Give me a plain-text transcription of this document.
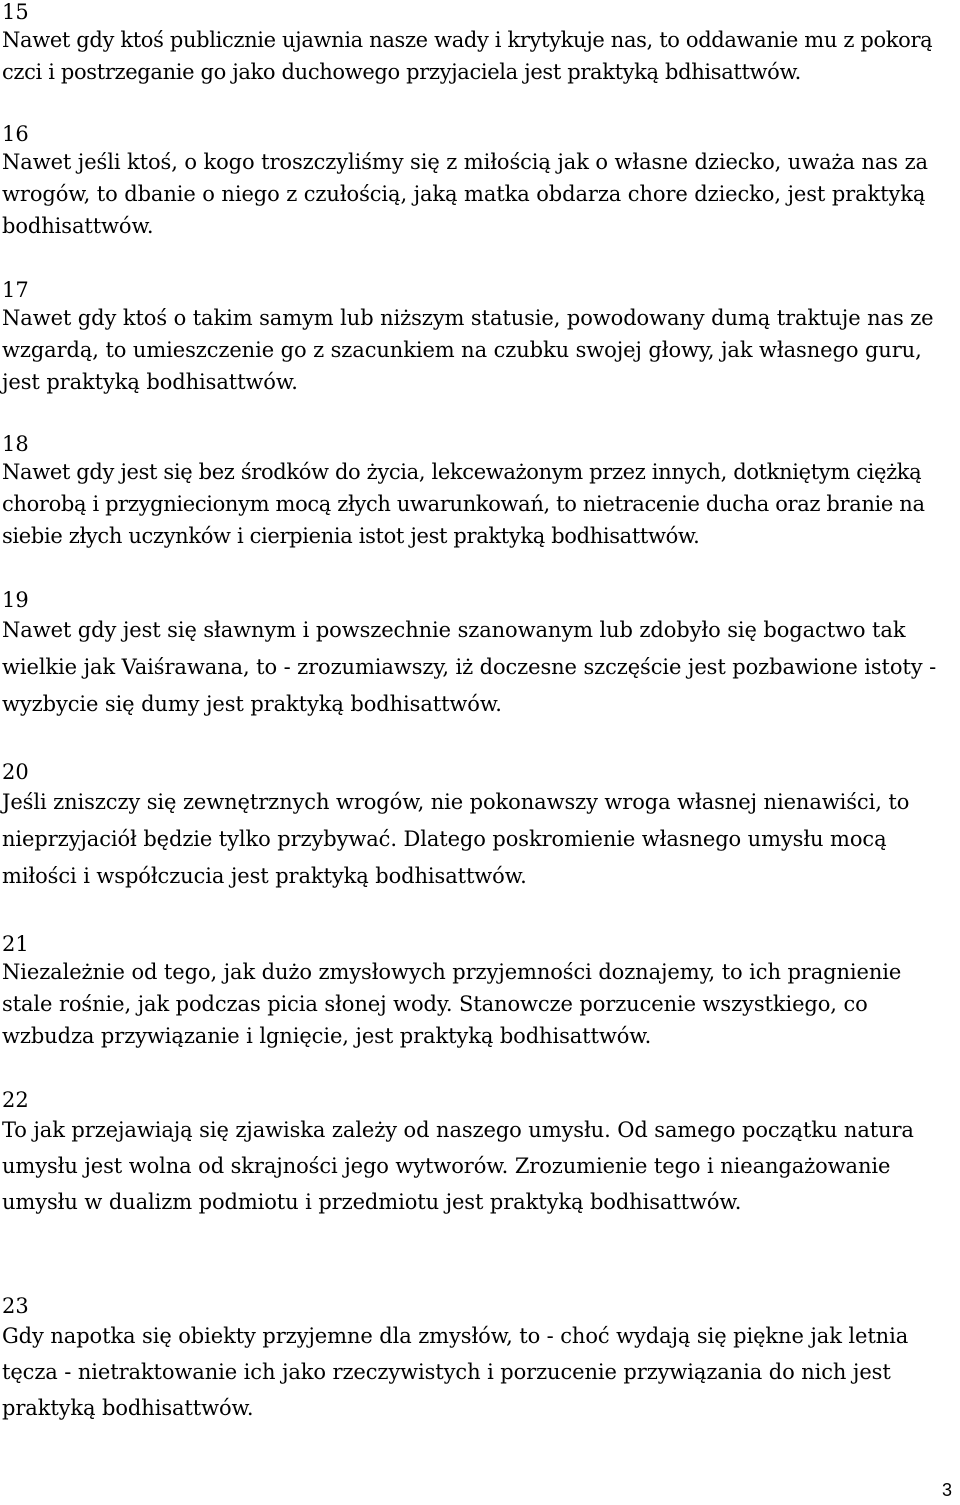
15

Nawet gdy ktoś publicznie ujawnia nasze wady i krytykuje nas, to oddawanie mu z pokorą czci i postrzeganie go jako duchowego przyjaciela jest praktyką bdhisattwów.

16

Nawet jeśli ktoś, o kogo troszczyliśmy się z miłością jak o własne dziecko, uważa nas za wrogów, to dbanie o niego z czułością, jaką matka obdarza chore dziecko, jest praktyką bodhisattwów.

17

Nawet gdy ktoś o takim samym lub niższym statusie, powodowany dumą traktuje nas ze wzgardą, to umieszczenie go z szacunkiem na czubku swojej głowy, jak własnego guru, jest praktyką bodhisattwów.

18

Nawet gdy jest się bez środków do życia, lekceważonym przez innych, dotkniętym ciężką chorobą i przygniecionym mocą złych uwarunkowań, to nietracenie ducha oraz branie na siebie złych uczynków i cierpienia istot jest praktyką bodhisattwów.

19

Nawet gdy jest się sławnym i powszechnie szanowanym lub zdobyło się bogactwo tak wielkie jak Vaiśrawana, to - zrozumiawszy, iż doczesne szczęście jest pozbawione istoty - wyzbycie się dumy jest praktyką bodhisattwów.

20

Jeśli zniszczy się zewnętrznych wrogów, nie pokonawszy wroga własnej nienawiści, to nieprzyjaciół będzie tylko przybywać. Dlatego poskromienie własnego umysłu mocą miłości i współczucia jest praktyką bodhisattwów.

21

Niezależnie od tego, jak dużo zmysłowych przyjemności doznajemy, to ich pragnienie stale rośnie, jak podczas picia słonej wody. Stanowcze porzucenie wszystkiego, co wzbudza przywiązanie i lgnięcie, jest praktyką bodhisattwów.

22

To jak przejawiają się zjawiska zależy od naszego umysłu. Od samego początku natura umysłu jest wolna od skrajności jego wytworów. Zrozumienie tego i nieangażowanie umysłu w dualizm podmiotu i przedmiotu jest praktyką bodhisattwów.

23

Gdy napotka się obiekty przyjemne dla zmysłów, to - choć wydają się piękne jak letnia tęcza - nietraktowanie ich jako rzeczywistych i porzucenie przywiązania do nich jest praktyką bodhisattwów.

3
